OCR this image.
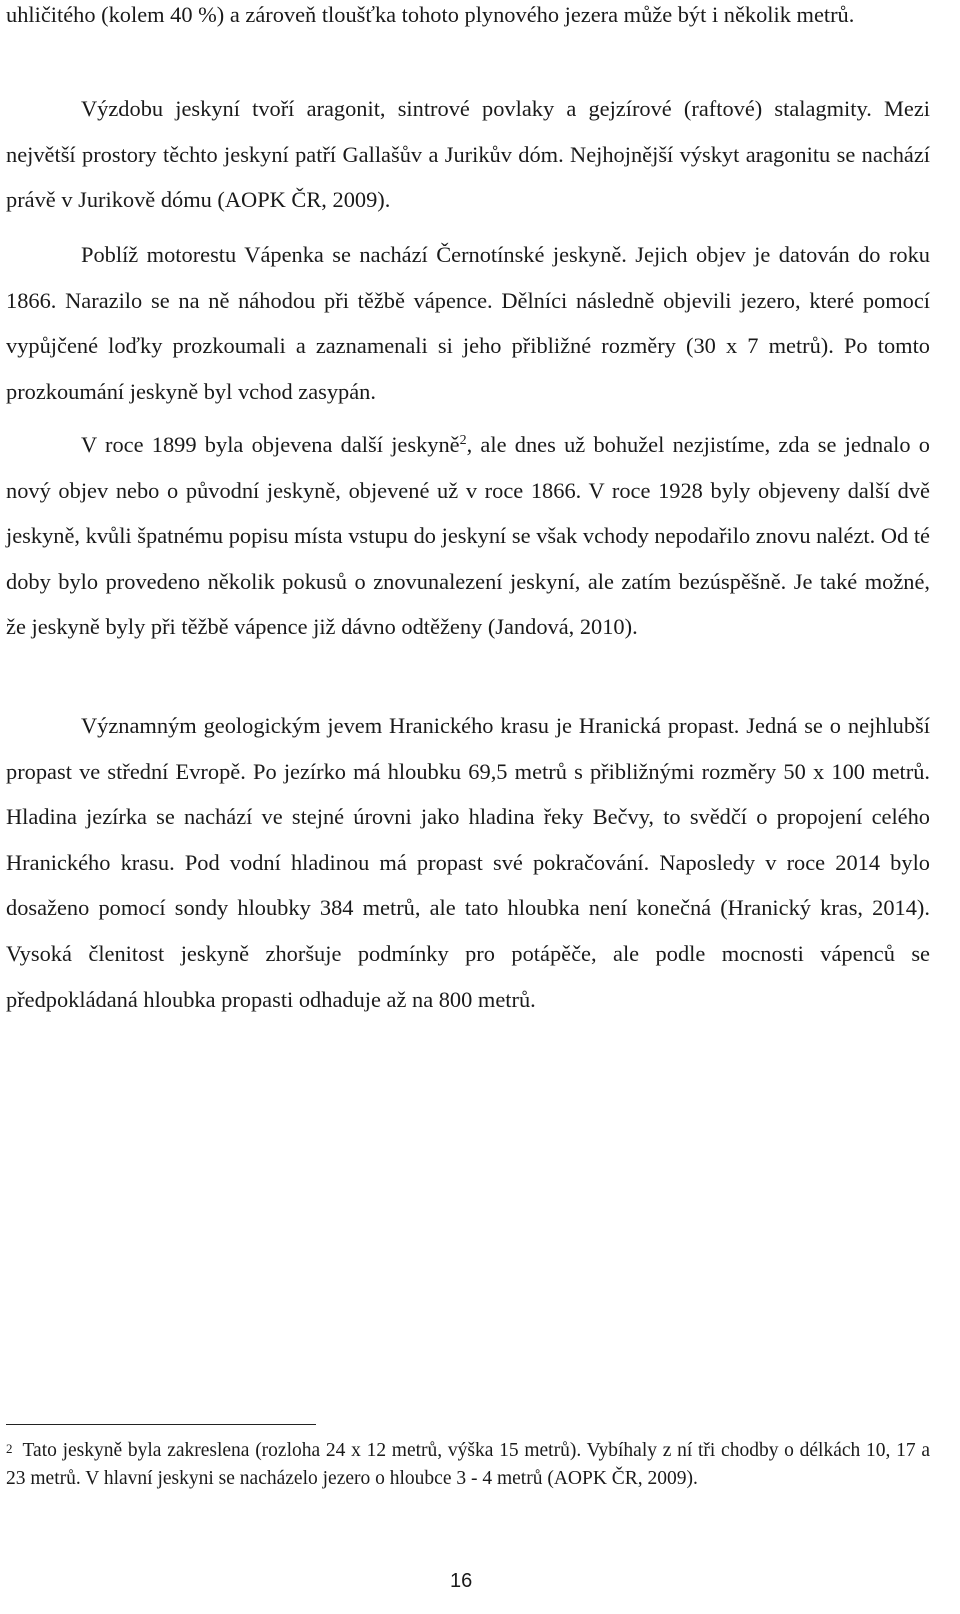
uhličitého (kolem 40 %) a zároveň tloušťka tohoto plynového jezera může být i několik metrů.

Výzdobu jeskyní tvoří aragonit, sintrové povlaky a gejzírové (raftové) stalagmity. Mezi největší prostory těchto jeskyní patří Gallašův a Jurikův dóm. Nejhojnější výskyt aragonitu se nachází právě v Jurikově dómu (AOPK ČR, 2009).

Poblíž motorestu Vápenka se nachází Černotínské jeskyně. Jejich objev je datován do roku 1866. Narazilo se na ně náhodou při těžbě vápence. Dělníci následně objevili jezero, které pomocí vypůjčené loďky prozkoumali a zaznamenali si jeho přibližné rozměry (30 x 7 metrů). Po tomto prozkoumání jeskyně byl vchod zasypán.

V roce 1899 byla objevena další jeskyně$^2$, ale dnes už bohužel nezjistíme, zda se jednalo o nový objev nebo o původní jeskyně, objevené už v roce 1866. V roce 1928 byly objeveny další dvě jeskyně, kvůli špatnému popisu místa vstupu do jeskyní se však vchody nepodařilo znovu nalézt. Od té doby bylo provedeno několik pokusů o znovunalezení jeskyní, ale zatím bezúspěšně. Je také možné, že jeskyně byly při těžbě vápence již dávno odtěženy (Jandová, 2010).

Významným geologickým jevem Hranického krasu je Hranická propast. Jedná se o nejhlubší propast ve střední Evropě. Po jezírko má hloubku 69,5 metrů s přibližnými rozměry 50 x 100 metrů. Hladina jezírka se nachází ve stejné úrovni jako hladina řeky Bečvy, to svědčí o propojení celého Hranického krasu. Pod vodní hladinou má propast své pokračování. Naposledy v roce 2014 bylo dosaženo pomocí sondy hloubky 384 metrů, ale tato hloubka není konečná (Hranický kras, 2014). Vysoká členitost jeskyně zhoršuje podmínky pro potápěče, ale podle mocnosti vápenců se předpokládaná hloubka propasti odhaduje až na 800 metrů.

$^2$ Tato jeskyně byla zakreslena (rozloha 24 x 12 metrů, výška 15 metrů). Vybíhaly z ní tři chodby o délkách 10, 17 a 23 metrů. V hlavní jeskyni se nacházelo jezero o hloubce 3 - 4 metrů (AOPK ČR, 2009).

16
